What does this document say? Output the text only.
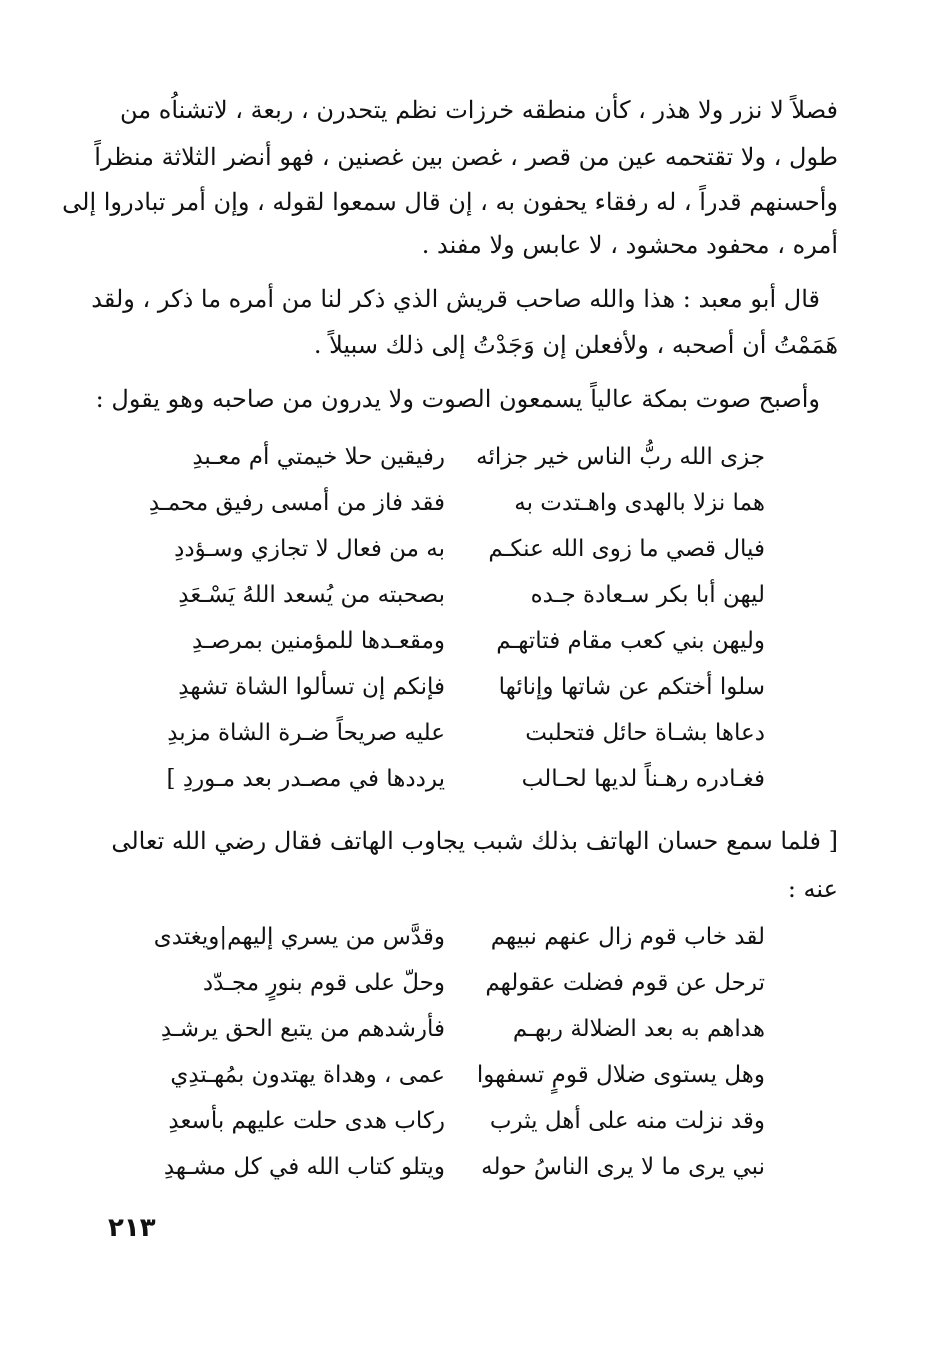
فصلاً لا نزر ولا هذر ، كأن منطقه خرزات نظم يتحدرن ، ربعة ، لاتشناُه من
طول ، ولا تقتحمه عين من قصر ، غصن بين غصنين ، فهو أنضر الثلاثة منظراً
وأحسنهم قدراً ، له رفقاء يحفون به ، إن قال سمعوا لقوله ، وإن أمر تبادروا إلى
أمره ، محفود محشود ، لا عابس ولا مفند .
قال أبو معبد : هذا والله صاحب قريش الذي ذكر لنا من أمره ما ذكر ، ولقد
هَمَمْتُ أن أصحبه ، ولأفعلن إن وَجَدْتُ إلى ذلك سبيلاً .
وأصبح صوت بمكة عالياً يسمعون الصوت ولا يدرون من صاحبه وهو يقول :
جزى الله ربُّ الناس خير جزائه
رفيقين حلا خيمتي أم معـبدِ
هما نزلا بالهدى واهـتدت به
فقد فاز من أمسى رفيق محمـدِ
فيال قصي ما زوى الله عنكـم
به من فعال لا تجازي وسـؤددِ
ليهن أبا بكر سـعادة جـده
بصحبته من يُسعد اللهُ يَسْـعَدِ
وليهن بني كعب مقام فتاتهـم
ومقعـدها للمؤمنين بمرصـدِ
سلوا أختكم عن شاتها وإنائها
فإنكم إن تسألوا الشاة تشهدِ
دعاها بشـاة حائل فتحلبت
عليه صريحاً ضـرة الشاة مزبدِ
فغـادره رهـناً لديها لحـالب
يرددها في مصـدر بعد مـوردِ ]
[ فلما سمع حسان الهاتف بذلك شبب يجاوب الهاتف فقال رضي الله تعالى
عنه :
لقد خاب قوم زال عنهم نبيهم
وقدَّس من يسري إليهم|ويغتدى
ترحل عن قوم فضلت عقولهم
وحلّ على قوم بنورٍ مجـدّد
هداهم به بعد الضلالة ربهـم
فأرشدهم من يتبع الحق يرشـدِ
وهل يستوى ضلال قومٍ تسفهوا
عمى ، وهداة يهتدون بمُهـتدِي
وقد نزلت منه على أهل يثرب
ركاب هدى حلت عليهم بأسعدِ
نبي يرى ما لا يرى الناسُ حوله
ويتلو كتاب الله في كل مشـهدِ
٢١٣
